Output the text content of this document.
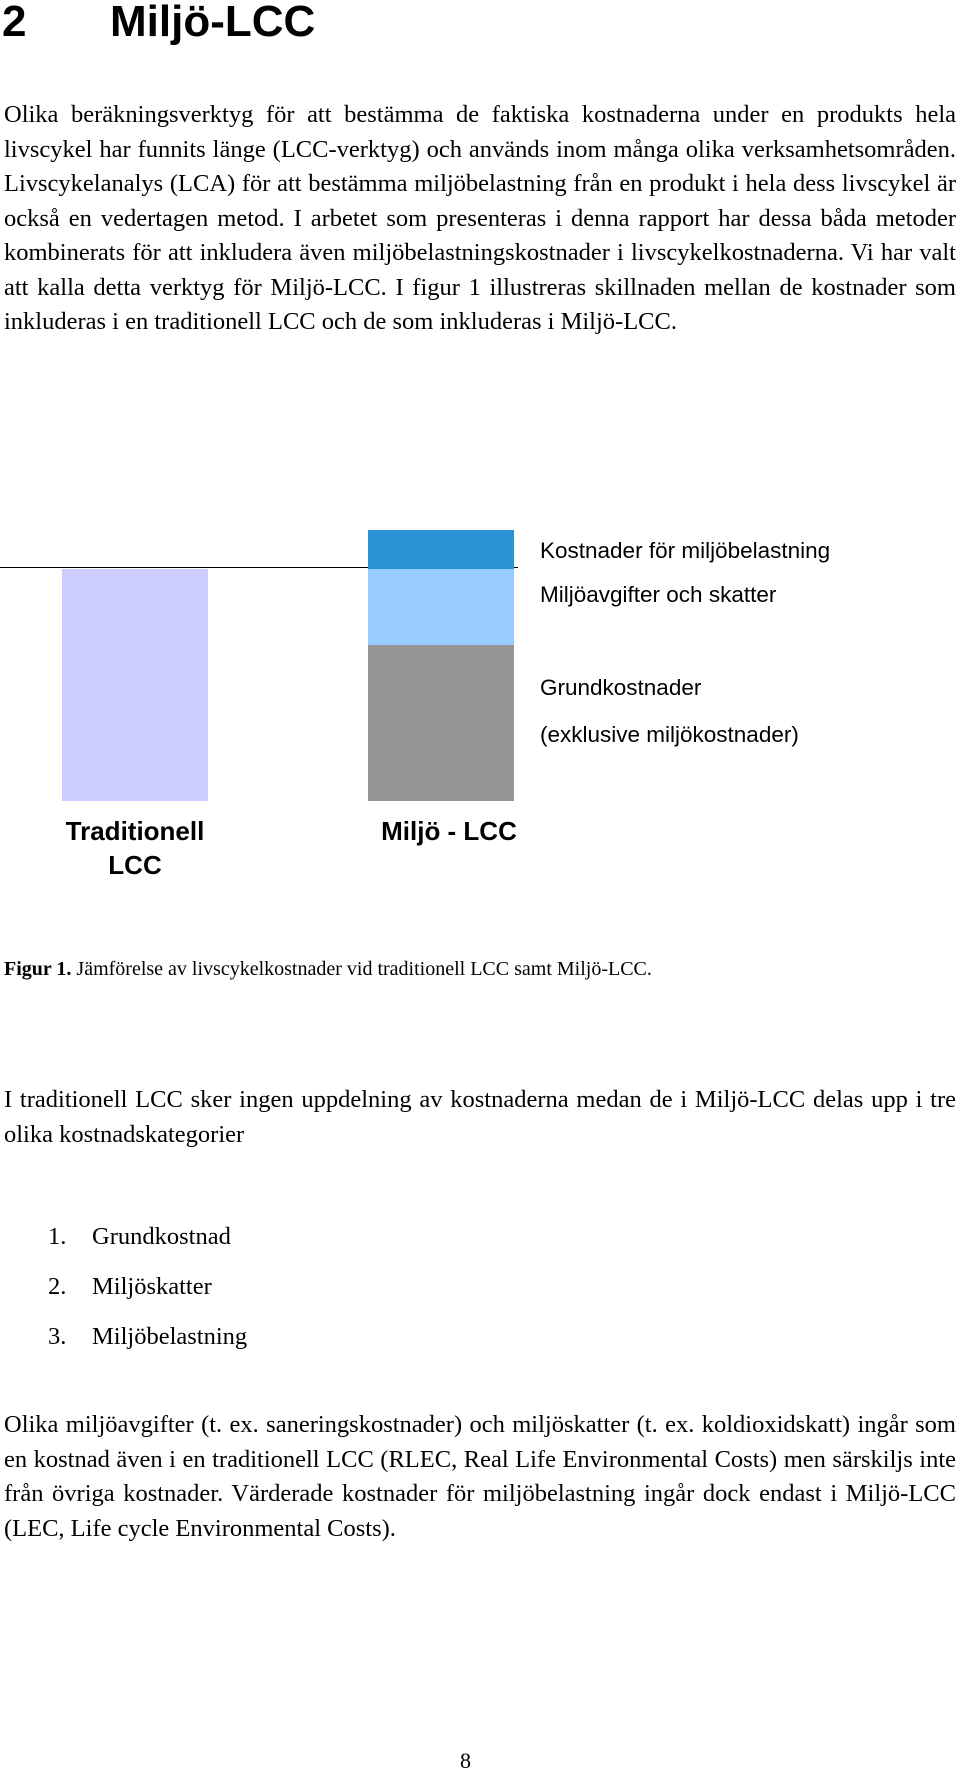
2 Miljö-LCC

Olika beräkningsverktyg för att bestämma de faktiska kostnaderna under en produkts hela livscykel har funnits länge (LCC-verktyg) och används inom många olika verksamhetsområden. Livscykelanalys (LCA) för att bestämma miljöbelastning från en produkt i hela dess livscykel är också en vedertagen metod. I arbetet som presenteras i denna rapport har dessa båda metoder kombinerats för att inkludera även miljöbelastningskostnader i livscykelkostnaderna. Vi har valt att kalla detta verktyg för Miljö-LCC. I figur 1 illustreras skillnaden mellan de kostnader som inkluderas i en traditionell LCC och de som inkluderas i Miljö-LCC.

Kostnader för miljöbelastning
Miljöavgifter och skatter
Grundkostnader
(exklusive miljökostnader)
Traditionell LCC
Miljö - LCC
Figur 1. Jämförelse av livscykelkostnader vid traditionell LCC samt Miljö-LCC.

I traditionell LCC sker ingen uppdelning av kostnaderna medan de i Miljö-LCC delas upp i tre olika kostnadskategorier

1. Grundkostnad
2. Miljöskatter
3. Miljöbelastning

Olika miljöavgifter (t. ex. saneringskostnader) och miljöskatter (t. ex. koldioxidskatt) ingår som en kostnad även i en traditionell LCC (RLEC, Real Life Environmental Costs) men särskiljs inte från övriga kostnader. Värderade kostnader för miljöbelastning ingår dock endast i Miljö-LCC (LEC, Life cycle Environmental Costs).

8
